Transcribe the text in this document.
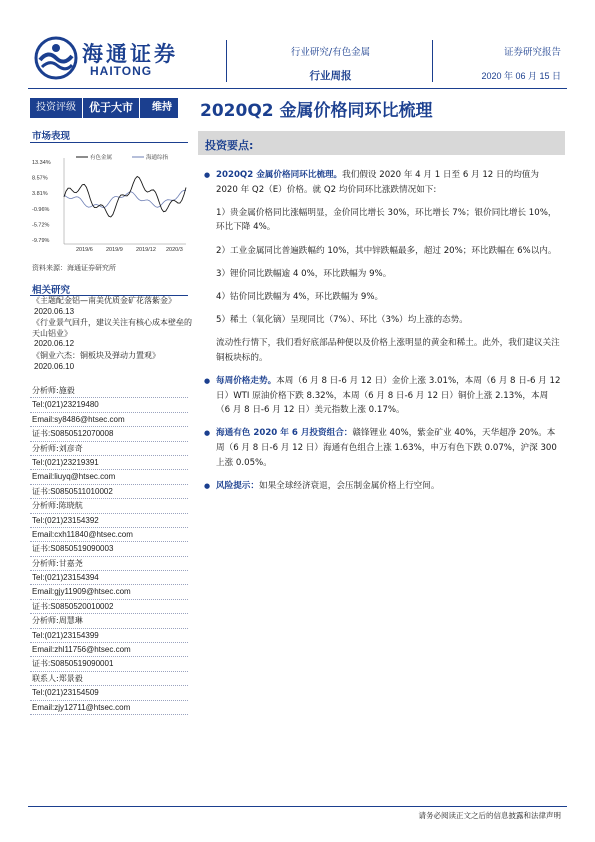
海通证券
HAITONG
行业研究/有色金属
行业周报
证券研究报告
2020 年 06 月 15 日
投资评级	优于大市	维持	2020Q2 金属价格同环比梳理
市场表现
13.34%
8.57%
3.81%
-0.96%
-5.72%
-9.79%
2019/6 2019/9 2019/12 2020/3
有色金属	海通综指
资料来源：海通证券研究所
相关研究
《主题配金铝—南美优质金矿花落紫金》
2020.06.13
《行业景气回升，建议关注有核心成本壁垒的天山铝业》
2020.06.12
《铜业六杰：铜板块及弹动力置观》
2020.06.10
分析师:施毅
Tel:(021)23219480
Email:sy8486@htsec.com
证书:S0850512070008
分析师:刘彦奇
Tel:(021)23219391
Email:liuyq@htsec.com
证书:S0850511010002
分析师:陈晓航
Tel:(021)23154392
Email:cxh11840@htsec.com
证书:S0850519090003
分析师:甘嘉尧
Tel:(021)23154394
Email:gjy11909@htsec.com
证书:S0850520010002
分析师:周慧琳
Tel:(021)23154399
Email:zhl11756@htsec.com
证书:S0850519090001
联系人:郑景毅
Tel:(021)23154509
Email:zjy12711@htsec.com
投资要点:

● 2020Q2 金属价格同环比梳理。我们假设 2020 年 4 月 1 日至 6 月 12 日的均值为 2020 年 Q2（E）价格。就 Q2 均价同环比涨跌情况如下:

1）贵金属价格同比涨幅明显，金价同比增长 30%，环比增长 7%；银价同比增长 10%，环比下降 4%。

2）工业金属同比普遍跌幅约 10%，其中锌跌幅最多，超过 20%；环比跌幅在 6%以内。

3）锂价同比跌幅逾 4 0%，环比跌幅为 9%。

4）钴价同比跌幅为 4%，环比跌幅为 9%。

5）稀土（氧化镝）呈现同比（7%）、环比（3%）均上涨的态势。

流动性行情下，我们看好底部品种便以及价格上涨明显的黄金和稀土。此外，我们建议关注铜板块标的。

● 每周价格走势。本周（6 月 8 日-6 月 12 日）金价上涨 3.01%，本周（6 月 8 日-6 月 12 日）WTI 原油价格下跌 8.32%，本周（6 月 8 日-6 月 12 日）铜价上涨 2.13%，本周（6 月 8 日-6 月 12 日）美元指数上涨 0.17%。

● 海通有色 2020 年 6 月投资组合：赣锋锂业 40%，紫金矿业 40%，天华超净 20%。本周（6 月 8 日-6 月 12 日）海通有色组合上涨 1.63%，申万有色下跌 0.07%，沪深 300 上涨 0.05%。

● 风险提示：如果全球经济衰退，会压制金属价格上行空间。

请务必阅读正文之后的信息披露和法律声明
